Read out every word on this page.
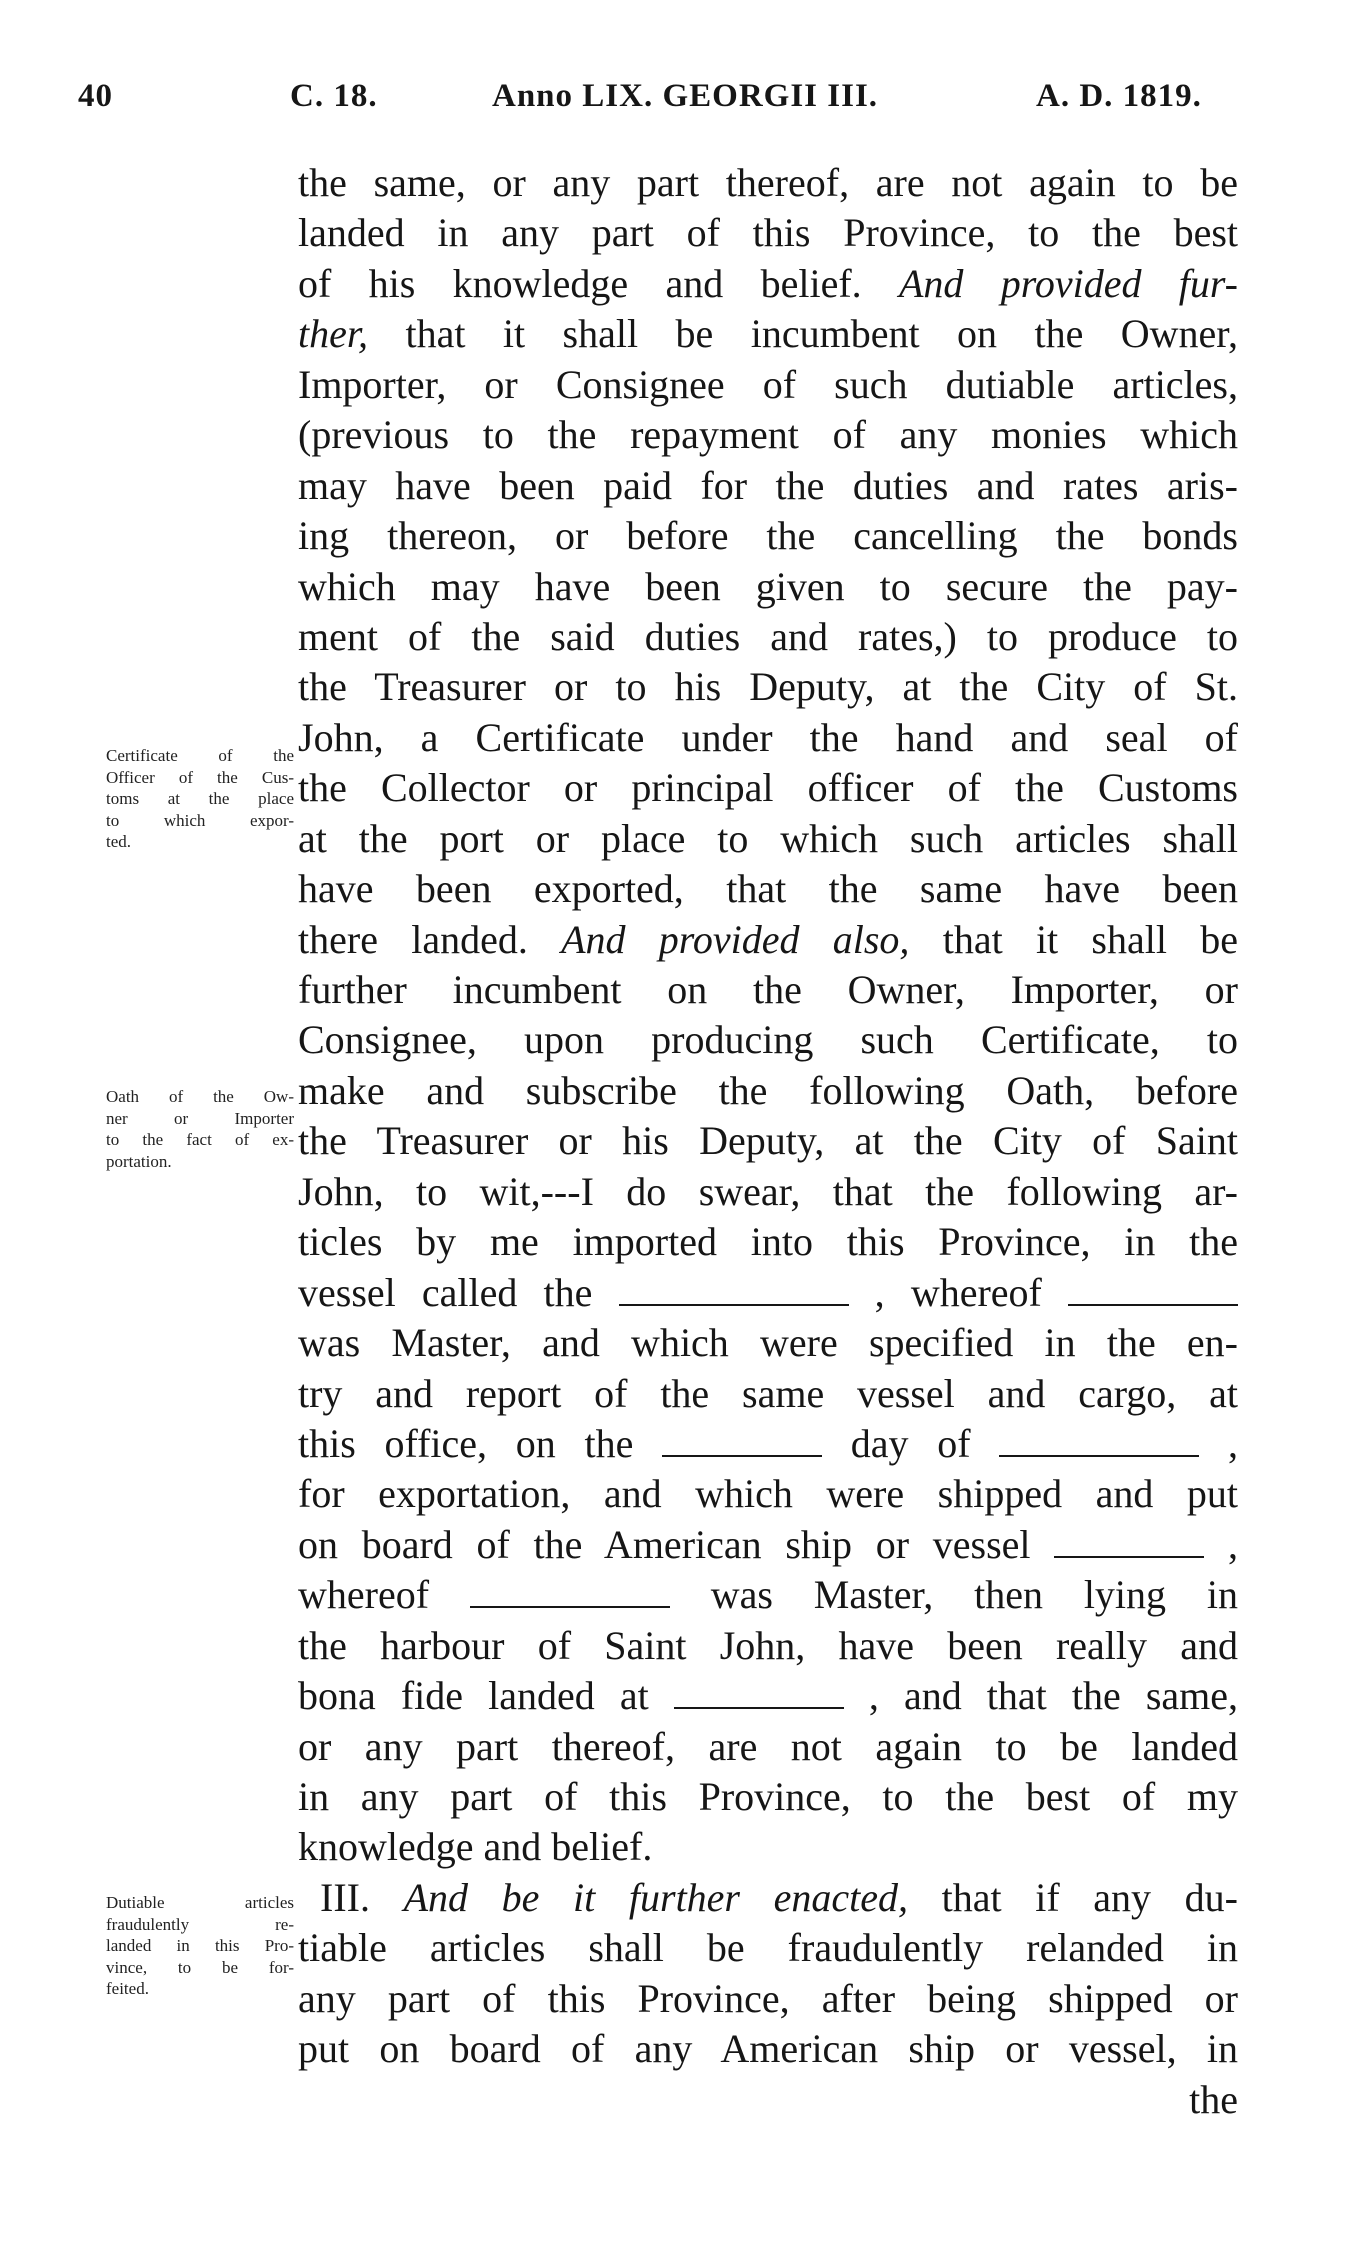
40	C. 18.	Anno LIX. GEORGII III.	A. D. 1819.
Certificate of the
Officer of the Cus-
toms at the place
to which expor-
ted.
Oath of the Ow-
ner or Importer
to the fact of ex-
portation.
Dutiable articles
fraudulently re-
landed in this Pro-
vince, to be for-
feited.
the same, or any part thereof, are not again to be
landed in any part of this Province, to the best
of his knowledge and belief. And provided fur-
ther, that it shall be incumbent on the Owner,
Importer, or Consignee of such dutiable articles,
(previous to the repayment of any monies which
may have been paid for the duties and rates aris-
ing thereon, or before the cancelling the bonds
which may have been given to secure the pay-
ment of the said duties and rates,) to produce to
the Treasurer or to his Deputy, at the City of St.
John, a Certificate under the hand and seal of
the Collector or principal officer of the Customs
at the port or place to which such articles shall
have been exported, that the same have been
there landed. And provided also, that it shall be
further incumbent on the Owner, Importer, or
Consignee, upon producing such Certificate, to
make and subscribe the following Oath, before
the Treasurer or his Deputy, at the City of Saint
John, to wit,---I do swear, that the following ar-
ticles by me imported into this Province, in the
vessel called the	, whereof
was Master, and which were specified in the en-
try and report of the same vessel and cargo, at
this office, on the	day of	,
for exportation, and which were shipped and put
on board of the American ship or vessel	,
whereof	was Master, then lying in
the harbour of Saint John, have been really and
bona fide landed at	, and that the same,
or any part thereof, are not again to be landed
in any part of this Province, to the best of my
knowledge and belief.
III. And be it further enacted, that if any du-
tiable articles shall be fraudulently relanded in
any part of this Province, after being shipped or
put on board of any American ship or vessel, in
the
